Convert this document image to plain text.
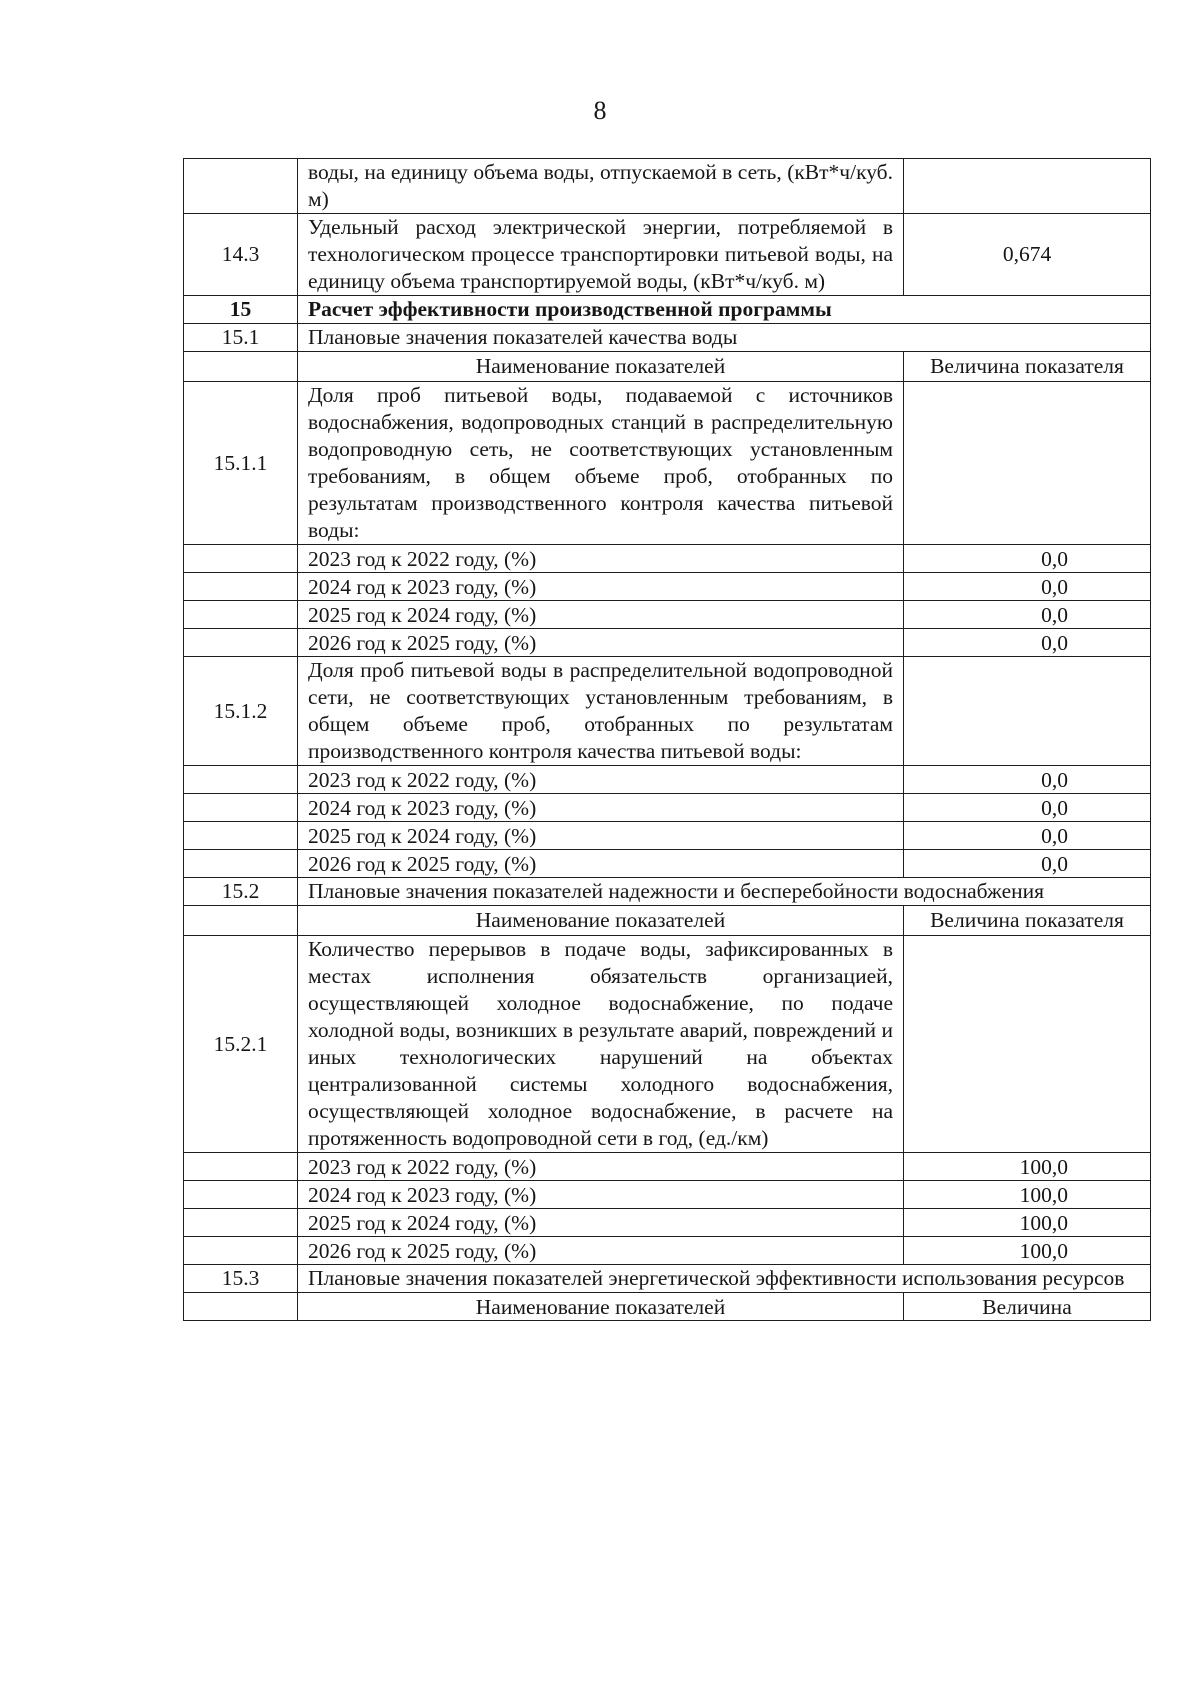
8
	воды, на единицу объема воды, отпускаемой в сеть, (кВт*ч/куб. м)	
14.3	Удельный расход электрической энергии, потребляемой в технологическом процессе транспортировки питьевой воды, на единицу объема транспортируемой воды, (кВт*ч/куб. м)	0,674
15	Расчет эффективности производственной программы	
15.1	Плановые значения показателей качества воды	
	Наименование показателей	Величина показателя
15.1.1	Доля проб питьевой воды, подаваемой с источников водоснабжения, водопроводных станций в распределительную водопроводную сеть, не соответствующих установленным требованиям, в общем объеме проб, отобранных по результатам производственного контроля качества питьевой воды:	
	2023 год к 2022 году, (%)	0,0
	2024 год к 2023 году, (%)	0,0
	2025 год к 2024 году, (%)	0,0
	2026 год к 2025 году, (%)	0,0
15.1.2	Доля проб питьевой воды в распределительной водопроводной сети, не соответствующих установленным требованиям, в общем объеме проб, отобранных по результатам производственного контроля качества питьевой воды:	
	2023 год к 2022 году, (%)	0,0
	2024 год к 2023 году, (%)	0,0
	2025 год к 2024 году, (%)	0,0
	2026 год к 2025 году, (%)	0,0
15.2	Плановые значения показателей надежности и бесперебойности водоснабжения	
	Наименование показателей	Величина показателя
15.2.1	Количество перерывов в подаче воды, зафиксированных в местах исполнения обязательств организацией, осуществляющей холодное водоснабжение, по подаче холодной воды, возникших в результате аварий, повреждений и иных технологических нарушений на объектах централизованной системы холодного водоснабжения, осуществляющей холодное водоснабжение, в расчете на протяженность водопроводной сети в год, (ед./км)	
	2023 год к 2022 году, (%)	100,0
	2024 год к 2023 году, (%)	100,0
	2025 год к 2024 году, (%)	100,0
	2026 год к 2025 году, (%)	100,0
15.3	Плановые значения показателей энергетической эффективности использования ресурсов	
	Наименование показателей	Величина
